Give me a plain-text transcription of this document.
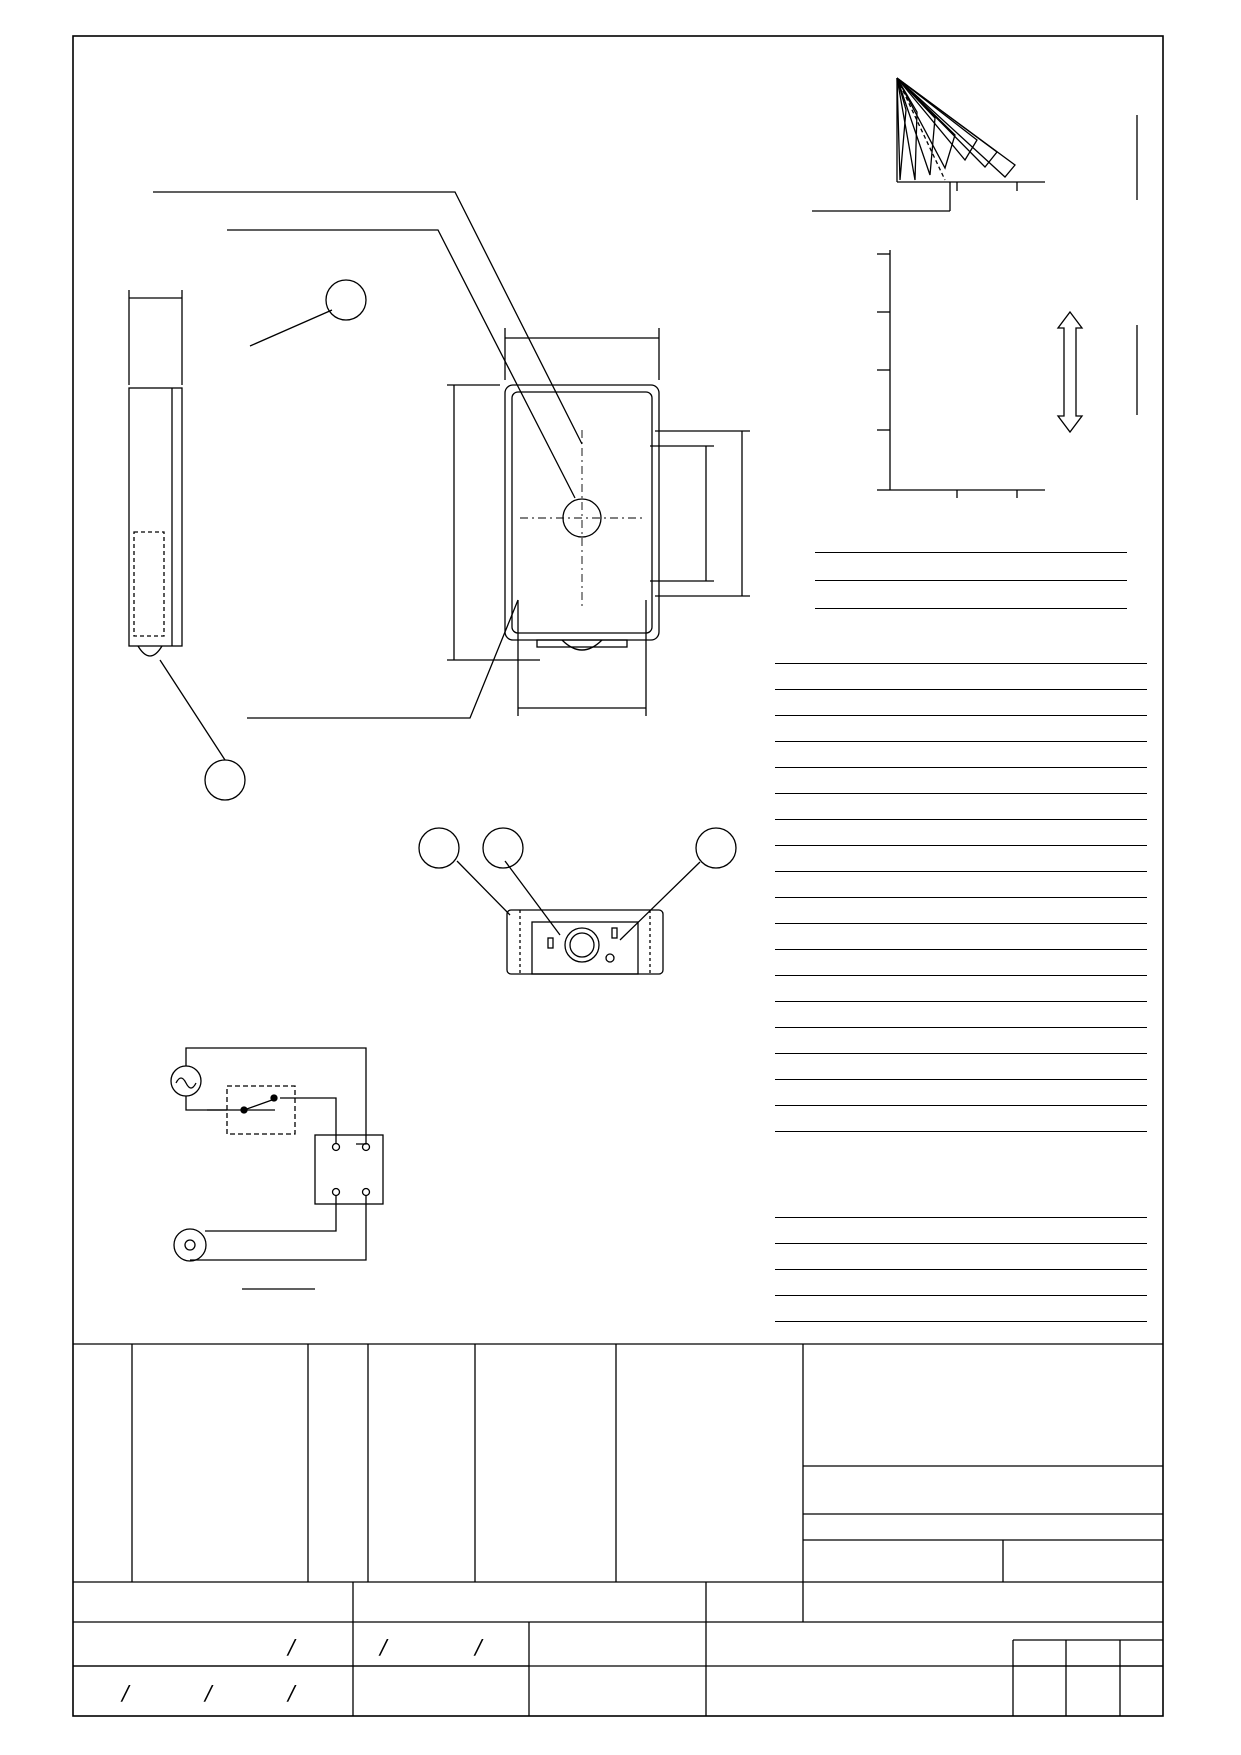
/	/	/
/	/	/
